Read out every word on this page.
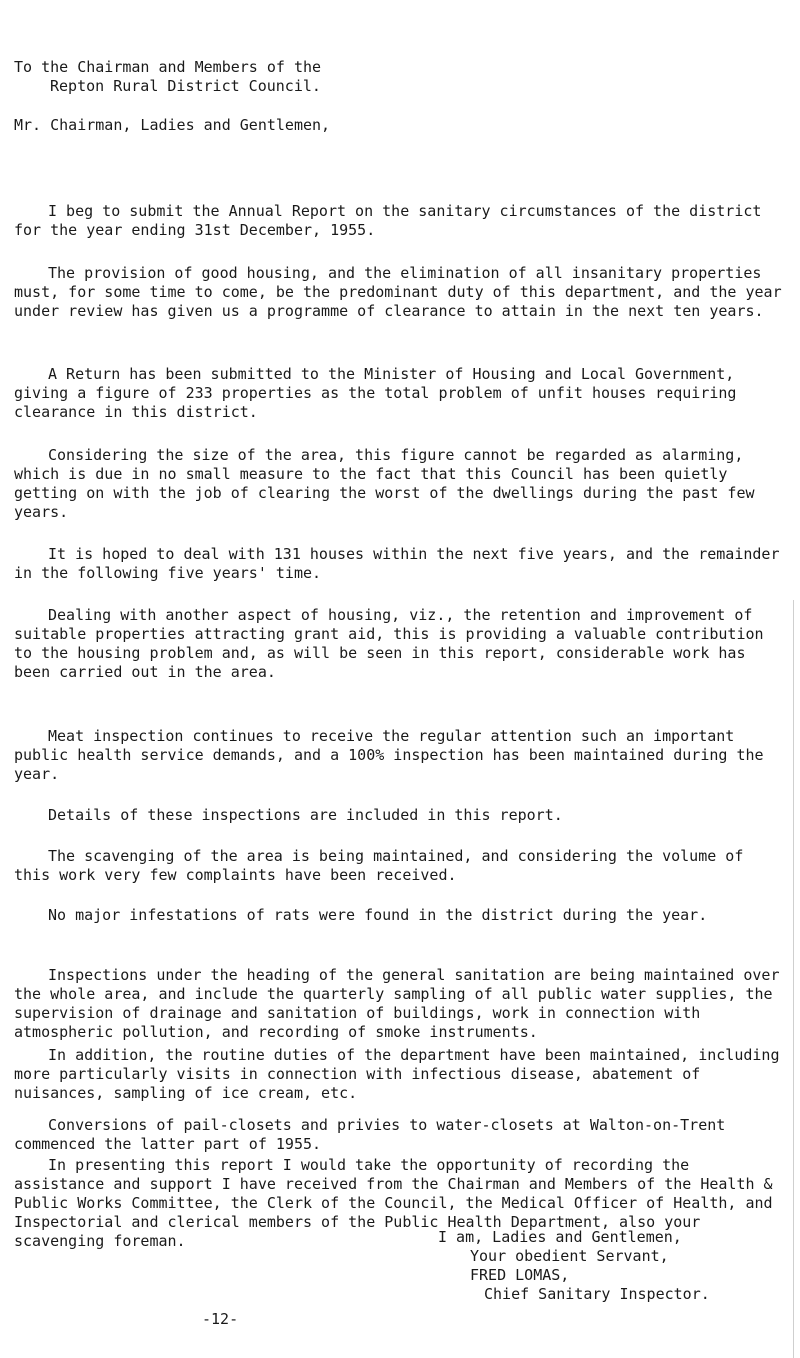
To the Chairman and Members of the
Repton Rural District Council.
Mr. Chairman, Ladies and Gentlemen,

I beg to submit the Annual Report on the sanitary circumstances of the district for the year ending 31st December, 1955.

The provision of good housing, and the elimination of all insanitary properties must, for some time to come, be the predominant duty of this department, and the year under review has given us a programme of clearance to attain in the next ten years.

A Return has been submitted to the Minister of Housing and Local Government, giving a figure of 233 properties as the total problem of unfit houses requiring clearance in this district.

Considering the size of the area, this figure cannot be regarded as alarming, which is due in no small measure to the fact that this Council has been quietly getting on with the job of clearing the worst of the dwellings during the past few years.

It is hoped to deal with 131 houses within the next five years, and the remainder in the following five years' time.

Dealing with another aspect of housing, viz., the retention and improvement of suitable properties attracting grant aid, this is providing a valuable contribution to the housing problem and, as will be seen in this report, considerable work has been carried out in the area.

Meat inspection continues to receive the regular attention such an important public health service demands, and a 100% inspection has been maintained during the year.

Details of these inspections are included in this report.

The scavenging of the area is being maintained, and considering the volume of this work very few complaints have been received.

No major infestations of rats were found in the district during the year.

Inspections under the heading of the general sanitation are being maintained over the whole area, and include the quarterly sampling of all public water supplies, the supervision of drainage and sanitation of buildings, work in connection with atmospheric pollution, and recording of smoke instruments.

In addition, the routine duties of the department have been maintained, including more particularly visits in connection with infectious disease, abatement of nuisances, sampling of ice cream, etc.

Conversions of pail-closets and privies to water-closets at Walton-on-Trent commenced the latter part of 1955.

In presenting this report I would take the opportunity of recording the assistance and support I have received from the Chairman and Members of the Health & Public Works Committee, the Clerk of the Council, the Medical Officer of Health, and Inspectorial and clerical members of the Public Health Department, also your scavenging foreman.	I am, Ladies and Gentlemen,
Your obedient Servant,
FRED LOMAS,
Chief Sanitary Inspector.
-12-
